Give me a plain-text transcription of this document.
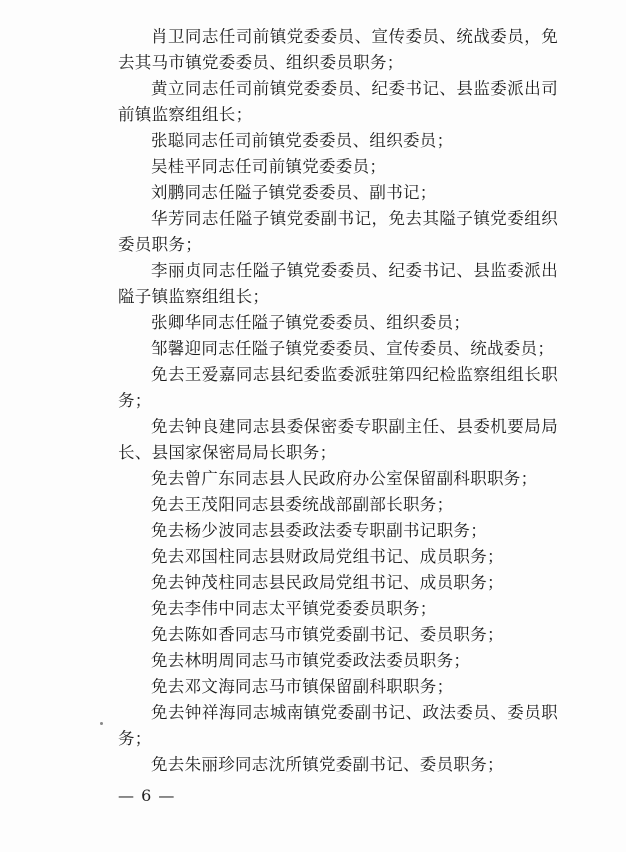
肖卫同志任司前镇党委委员、宣传委员、统战委员，免去其马市镇党委委员、组织委员职务；

黄立同志任司前镇党委委员、纪委书记、县监委派出司前镇监察组组长；

张聪同志任司前镇党委委员、组织委员；

吴桂平同志任司前镇党委委员；

刘鹏同志任隘子镇党委委员、副书记；

华芳同志任隘子镇党委副书记，免去其隘子镇党委组织委员职务；

李丽贞同志任隘子镇党委委员、纪委书记、县监委派出隘子镇监察组组长；

张卿华同志任隘子镇党委委员、组织委员；

邹馨迎同志任隘子镇党委委员、宣传委员、统战委员；

免去王爱嘉同志县纪委监委派驻第四纪检监察组组长职务；

免去钟良建同志县委保密委专职副主任、县委机要局局长、县国家保密局局长职务；

免去曾广东同志县人民政府办公室保留副科职职务；

免去王茂阳同志县委统战部副部长职务；

免去杨少波同志县委政法委专职副书记职务；

免去邓国柱同志县财政局党组书记、成员职务；

免去钟茂柱同志县民政局党组书记、成员职务；

免去李伟中同志太平镇党委委员职务；

免去陈如香同志马市镇党委副书记、委员职务；

免去林明周同志马市镇党委政法委员职务；

免去邓文海同志马市镇保留副科职职务；

免去钟祥海同志城南镇党委副书记、政法委员、委员职务；

免去朱丽珍同志沈所镇党委副书记、委员职务；

— 6 —
